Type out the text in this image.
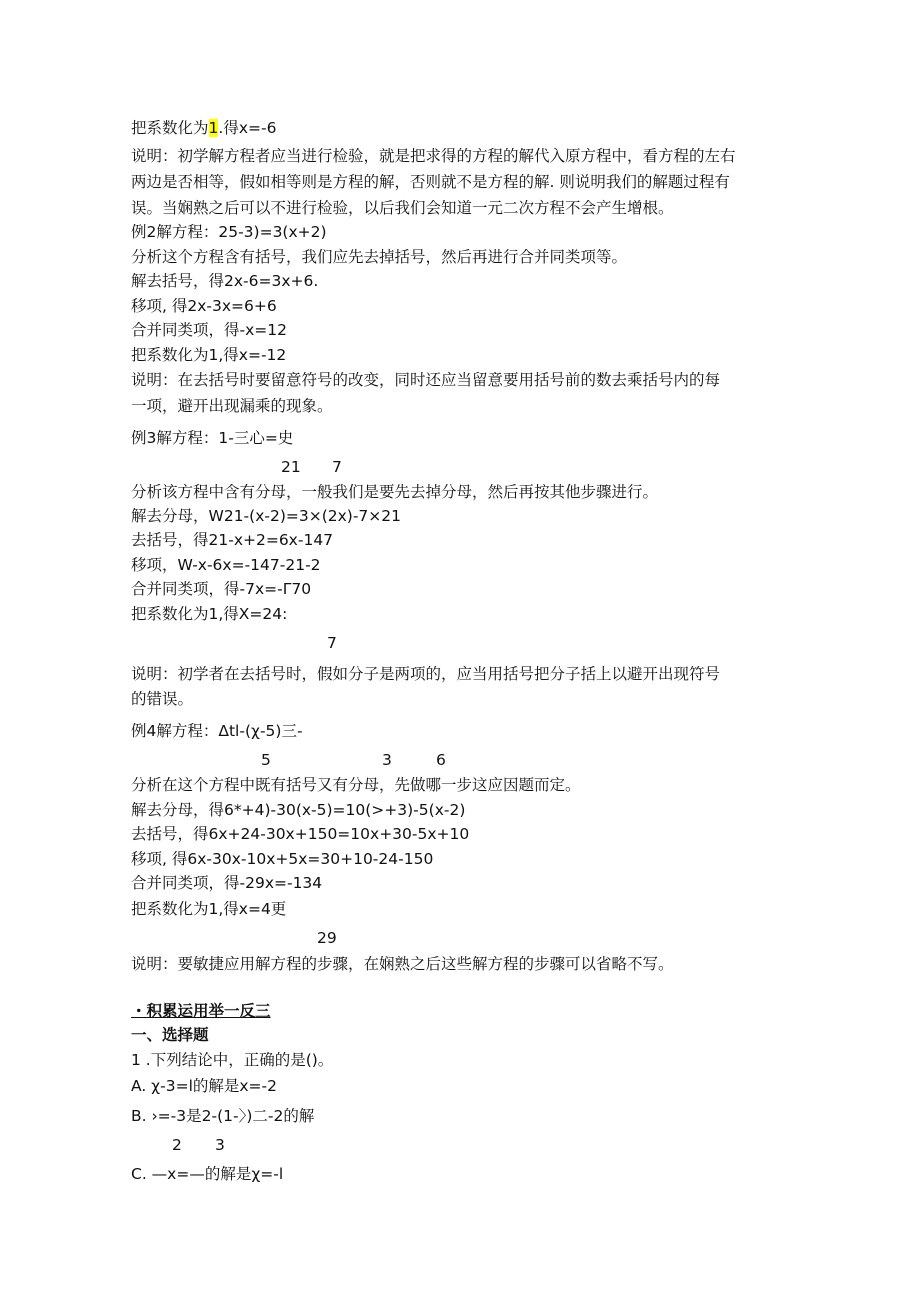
把系数化为1.得x=-6
说明：初学解方程者应当进行检验，就是把求得的方程的解代入原方程中，看方程的左右
两边是否相等，假如相等则是方程的解，否则就不是方程的解. 则说明我们的解题过程有
误。当娴熟之后可以不进行检验，以后我们会知道一元二次方程不会产生增根。
例2解方程：25-3)=3(x+2)
分析这个方程含有括号，我们应先去掉括号，然后再进行合并同类项等。
解去括号，得2x-6=3x+6.
移项, 得2x-3x=6+6
合并同类项，得-x=12
把系数化为1,得x=-12
说明：在去括号时要留意符号的改变，同时还应当留意要用括号前的数去乘括号内的每
一项，避开出现漏乘的现象。
例3解方程：1-三心=史
21 7
分析该方程中含有分母，一般我们是要先去掉分母，然后再按其他步骤进行。
解去分母，W21-(x-2)=3×(2x)-7×21
去括号，得21-x+2=6x-147
移项，W-x-6x=-147-21-2
合并同类项，得-7x=-Γ70
把系数化为1,得X=24:
7
说明：初学者在去括号时，假如分子是两项的，应当用括号把分子括上以避开出现符号
的错误。
例4解方程：Δtl-(χ-5)三-
5	3	6
分析在这个方程中既有括号又有分母，先做哪一步这应因题而定。
解去分母，得6*+4)-30(x-5)=10(>+3)-5(x-2)
去括号，得6x+24-30x+150=10x+30-5x+10
移项, 得6x-30x-10x+5x=30+10-24-150
合并同类项，得-29x=-134
把系数化为1,得x=4更
29
说明：要敏捷应用解方程的步骤，在娴熟之后这些解方程的步骤可以省略不写。
・积累运用举一反三
一、选择题
1 .下列结论中，正确的是()。
A. χ-3=l的解是x=-2
B. ›=-3是2-(1-〉)二-2的解
2 3
C. —x=—的解是χ=-l
